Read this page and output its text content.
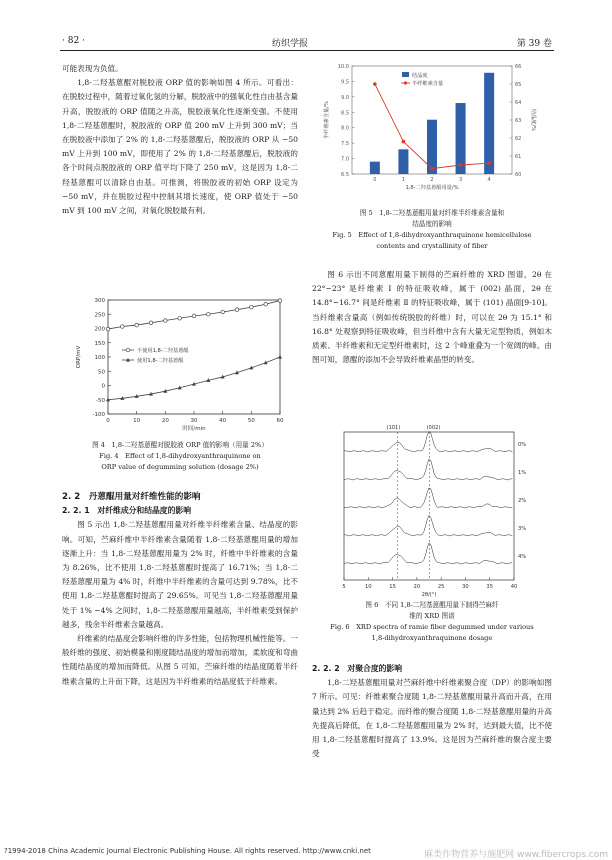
· 82 ·	纺织学报	第 39 卷

可能表现为负值。

1,8-二羟基蒽醌对脱胶液 ORP 值的影响如图 4 所示。可看出：在脱胶过程中，随着过氧化氢的分解，脱胶液中的强氧化性自由基含量升高，脱胶液的 ORP 值随之升高，脱胶液氧化性逐渐变强。不使用 1,8-二羟基蒽醌时，脱胶液的 ORP 值 200 mV 上升到 300 mV；当在脱胶液中添加了 2% 的 1,8-二羟基蒽醌后，脱胶液的 ORP 从 −50 mV 上升到 100 mV，即使用了 2% 的 1,8-二羟基蒽醌后，脱胶液的各个时间点脱胶液的 ORP 值平均下降了 250 mV，这是因为 1,8-二羟基蒽醌可以清除自由基。可推测，将脱胶液的初始 ORP 设定为 −50 mV，并在脱胶过程中控制其增长速度，使 ORP 值处于 −50 mV 到 100 mV 之间，对氧化脱胶最有利。

-100
-50
0
50
100
150
200
250
300
0	10	20	30	40	50	60
时间/min
ORP/mV	不使用1,8-二羟基蒽醌
使用1,8-二羟基蒽醌
图 4　1,8-二羟基蒽醌对脱胶液 ORP 值的影响（用量 2%）
Fig. 4　Effect of 1,8-dihydroxyanthraquinone on
ORP value of degumming solution (dosage 2%)
2. 2　丹蒽醌用量对纤维性能的影响
2. 2. 1　对纤维成分和结晶度的影响

图 5 示出 1,8-二羟基蒽醌用量对纤维半纤维素含量、结晶度的影响。可知，苎麻纤维中半纤维素含量随着 1,8-二羟基蒽醌用量的增加逐渐上升：当 1,8-二羟基蒽醌用量为 2% 时，纤维中半纤维素的含量为 8.26%，比不使用 1,8-二羟基蒽醌时提高了 16.71%；当 1,8-二羟基蒽醌用量为 4% 时，纤维中半纤维素的含量可达到 9.78%，比不使用 1,8-二羟基蒽醌时提高了 29.65%。可见当 1,8-二羟基蒽醌用量处于 1% ~4% 之间时，1,8-二羟基蒽醌用量越高，半纤维素受到保护越多，残余半纤维素含量越高。

纤维素的结晶度会影响纤维的许多性能，包括物理机械性能等。一般纤维的强度、初始模量和刚度随结晶度的增加而增加，柔软度和弯曲性随结晶度的增加而降低。从图 5 可知，苎麻纤维的结晶度随着半纤维素含量的上升而下降，这是因为半纤维素的结晶度低于纤维素。

6.5
7.0
7.5
8.0
8.5
9.0
9.5
10.0
60
61
62
63
64
65
66
0	1	2	3	4
1,8-二羟基蒽醌用量/%
半纤维素含量/%	结晶度/%
结晶度
半纤维素含量
图 5　1,8-二羟基蒽醌用量对纤维半纤维素含量和
结晶度的影响
Fig. 5　Effect of 1,8-dihydroxyanthraquinone hemicellulose
contents and crystallinity of fiber

图 6 示出不同蒽醌用量下制得的苎麻纤维的 XRD 图谱，2θ 在 22°~23° 是纤维素 Ⅰ 的特征吸收峰，属于 (002) 晶面，2θ 在 14.8°~16.7° 间是纤维素 Ⅱ 的特征吸收峰，属于 (101) 晶面[9-10]。当纤维素含量高（例如传统脱胶的纤维）时，可以在 2θ 为 15.1° 和 16.8° 处观察到特征吸收峰，但当纤维中含有大量无定型物质，例如木质素、半纤维素和无定型纤维素时，这 2 个峰重叠为一个宽阔的峰。由图可知，蒽醌的添加不会导致纤维素晶型的转变。

5	10	15	20	25	30	35	40
2θ/(°)
(101)	(002)
0%
1%
2%
3%
4%
图 6　不同 1,8-二羟基蒽醌用量下制得苎麻纤
维的 XRD 图谱
Fig. 6　XRD spectra of ramie fiber degummed under various
1,8-dihydroxyanthraquinone dosage
2. 2. 2　对聚合度的影响

1,8-二羟基蒽醌用量对苎麻纤维中纤维素聚合度（DP）的影响如图 7 所示。可见：纤维素聚合度随 1,8-二羟基蒽醌用量升高而升高，在用量达到 2% 后趋于稳定。而纤维的聚合度随 1,8-二羟基蒽醌用量的升高先提高后降低，在 1,8-二羟基蒽醌用量为 2% 时，达到最大值，比不使用 1,8-二羟基蒽醌时提高了 13.9%。这是因为苎麻纤维的聚合度主要受

?1994-2018 China Academic Journal Electronic Publishing House. All rights reserved. http://www.cnki.net	麻类作物营养与施肥网 www.fibercrops.com
